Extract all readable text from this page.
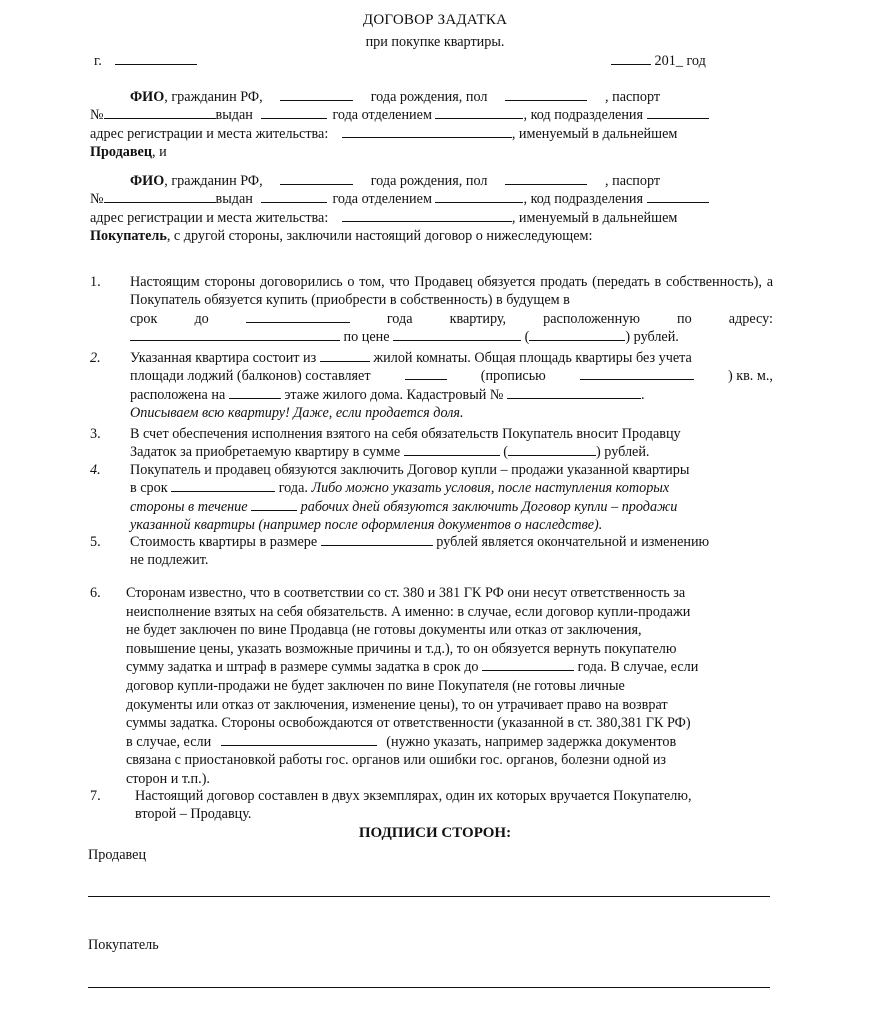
ДОГОВОР ЗАДАТКА
при покупке квартиры.
г.	201_ год

ФИО, гражданин РФ,	года рождения, пол	, паспорт

№	выдан	года отделением	, код подразделения

адрес регистрации и места жительства:	, именуемый в дальнейшем

Продавец, и

ФИО, гражданин РФ,	года рождения, пол	, паспорт

№	выдан	года отделением	, код подразделения

адрес регистрации и места жительства:	, именуемый в дальнейшем

Покупатель, с другой стороны, заключили настоящий договор о нижеследующем:

1. Настоящим стороны договорились о том, что Продавец обязуется продать (передать в собственность), а Покупатель обязуется купить (приобрести в собственность) в будущем в
срок	до	года	квартиру,	расположенную	по	адресу:
по цене	(	) рублей.
2. Указанная квартира состоит из	жилой комнаты. Общая площадь квартиры без учета
площади лоджий (балконов) составляет	(прописью	) кв. м.,
расположена на	этаже жилого дома. Кадастровый №	.
Описываем всю квартиру! Даже, если продается доля.
3. В счет обеспечения исполнения взятого на себя обязательств Покупатель вносит Продавцу
Задаток за приобретаемую квартиру в сумме	(	) рублей.
4. Покупатель и продавец обязуются заключить Договор купли – продажи указанной квартиры
в срок	года. Либо можно указать условия, после наступления которых
стороны в течение	рабочих дней обязуются заключить Договор купли – продажи
указанной квартиры (например после оформления документов о наследстве).
5. Стоимость квартиры в размере	рублей является окончательной и изменению
не подлежит.
6. Сторонам известно, что в соответствии со ст. 380 и 381 ГК РФ они несут ответственность за
неисполнение взятых на себя обязательств. А именно: в случае, если договор купли-продажи
не будет заключен по вине Продавца (не готовы документы или отказ от заключения,
повышение цены, указать возможные причины и т.д.), то он обязуется вернуть покупателю
сумму задатка и штраф в размере суммы задатка в срок до	года. В случае, если
договор купли-продажи не будет заключен по вине Покупателя (не готовы личные
документы или отказ от заключения, изменение цены), то он утрачивает право на возврат
суммы задатка. Стороны освобождаются от ответственности (указанной в ст. 380,381 ГК РФ)
в случае, если	(нужно указать, например задержка документов
связана с приостановкой работы гос. органов или ошибки гос. органов, болезни одной из
сторон и т.п.).
7. Настоящий договор составлен в двух экземплярах, один их которых вручается Покупателю,
второй – Продавцу.
ПОДПИСИ СТОРОН:
Продавец
Покупатель
